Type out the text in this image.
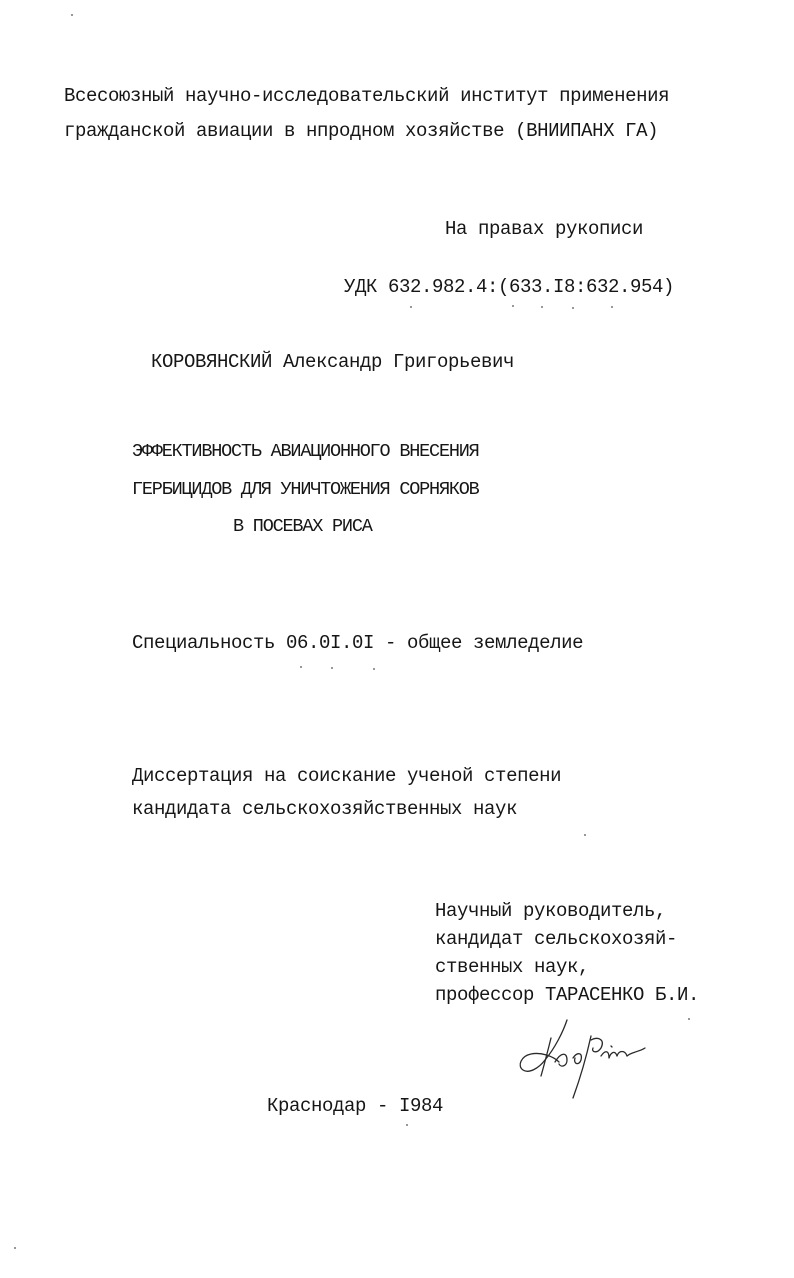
Всесоюзный научно-исследовательский институт применения
гражданской авиации в нпродном хозяйстве (ВНИИПАНХ ГА)
На правах рукописи
УДК 632.982.4:(633.I8:632.954)
КОРОВЯНСКИЙ Александр Григорьевич
ЭФФЕКТИВНОСТЬ АВИАЦИОННОГО ВНЕСЕНИЯ
ГЕРБИЦИДОВ ДЛЯ УНИЧТОЖЕНИЯ СОРНЯКОВ
В ПОСЕВАХ РИСА
Специальность 06.0I.0I - общее земледелие
Диссертация на соискание ученой степени
кандидата сельскохозяйственных наук
Научный руководитель,
кандидат сельскохозяй-
ственных наук,
профессор ТАРАСЕНКО Б.И.
Краснодар - I984
